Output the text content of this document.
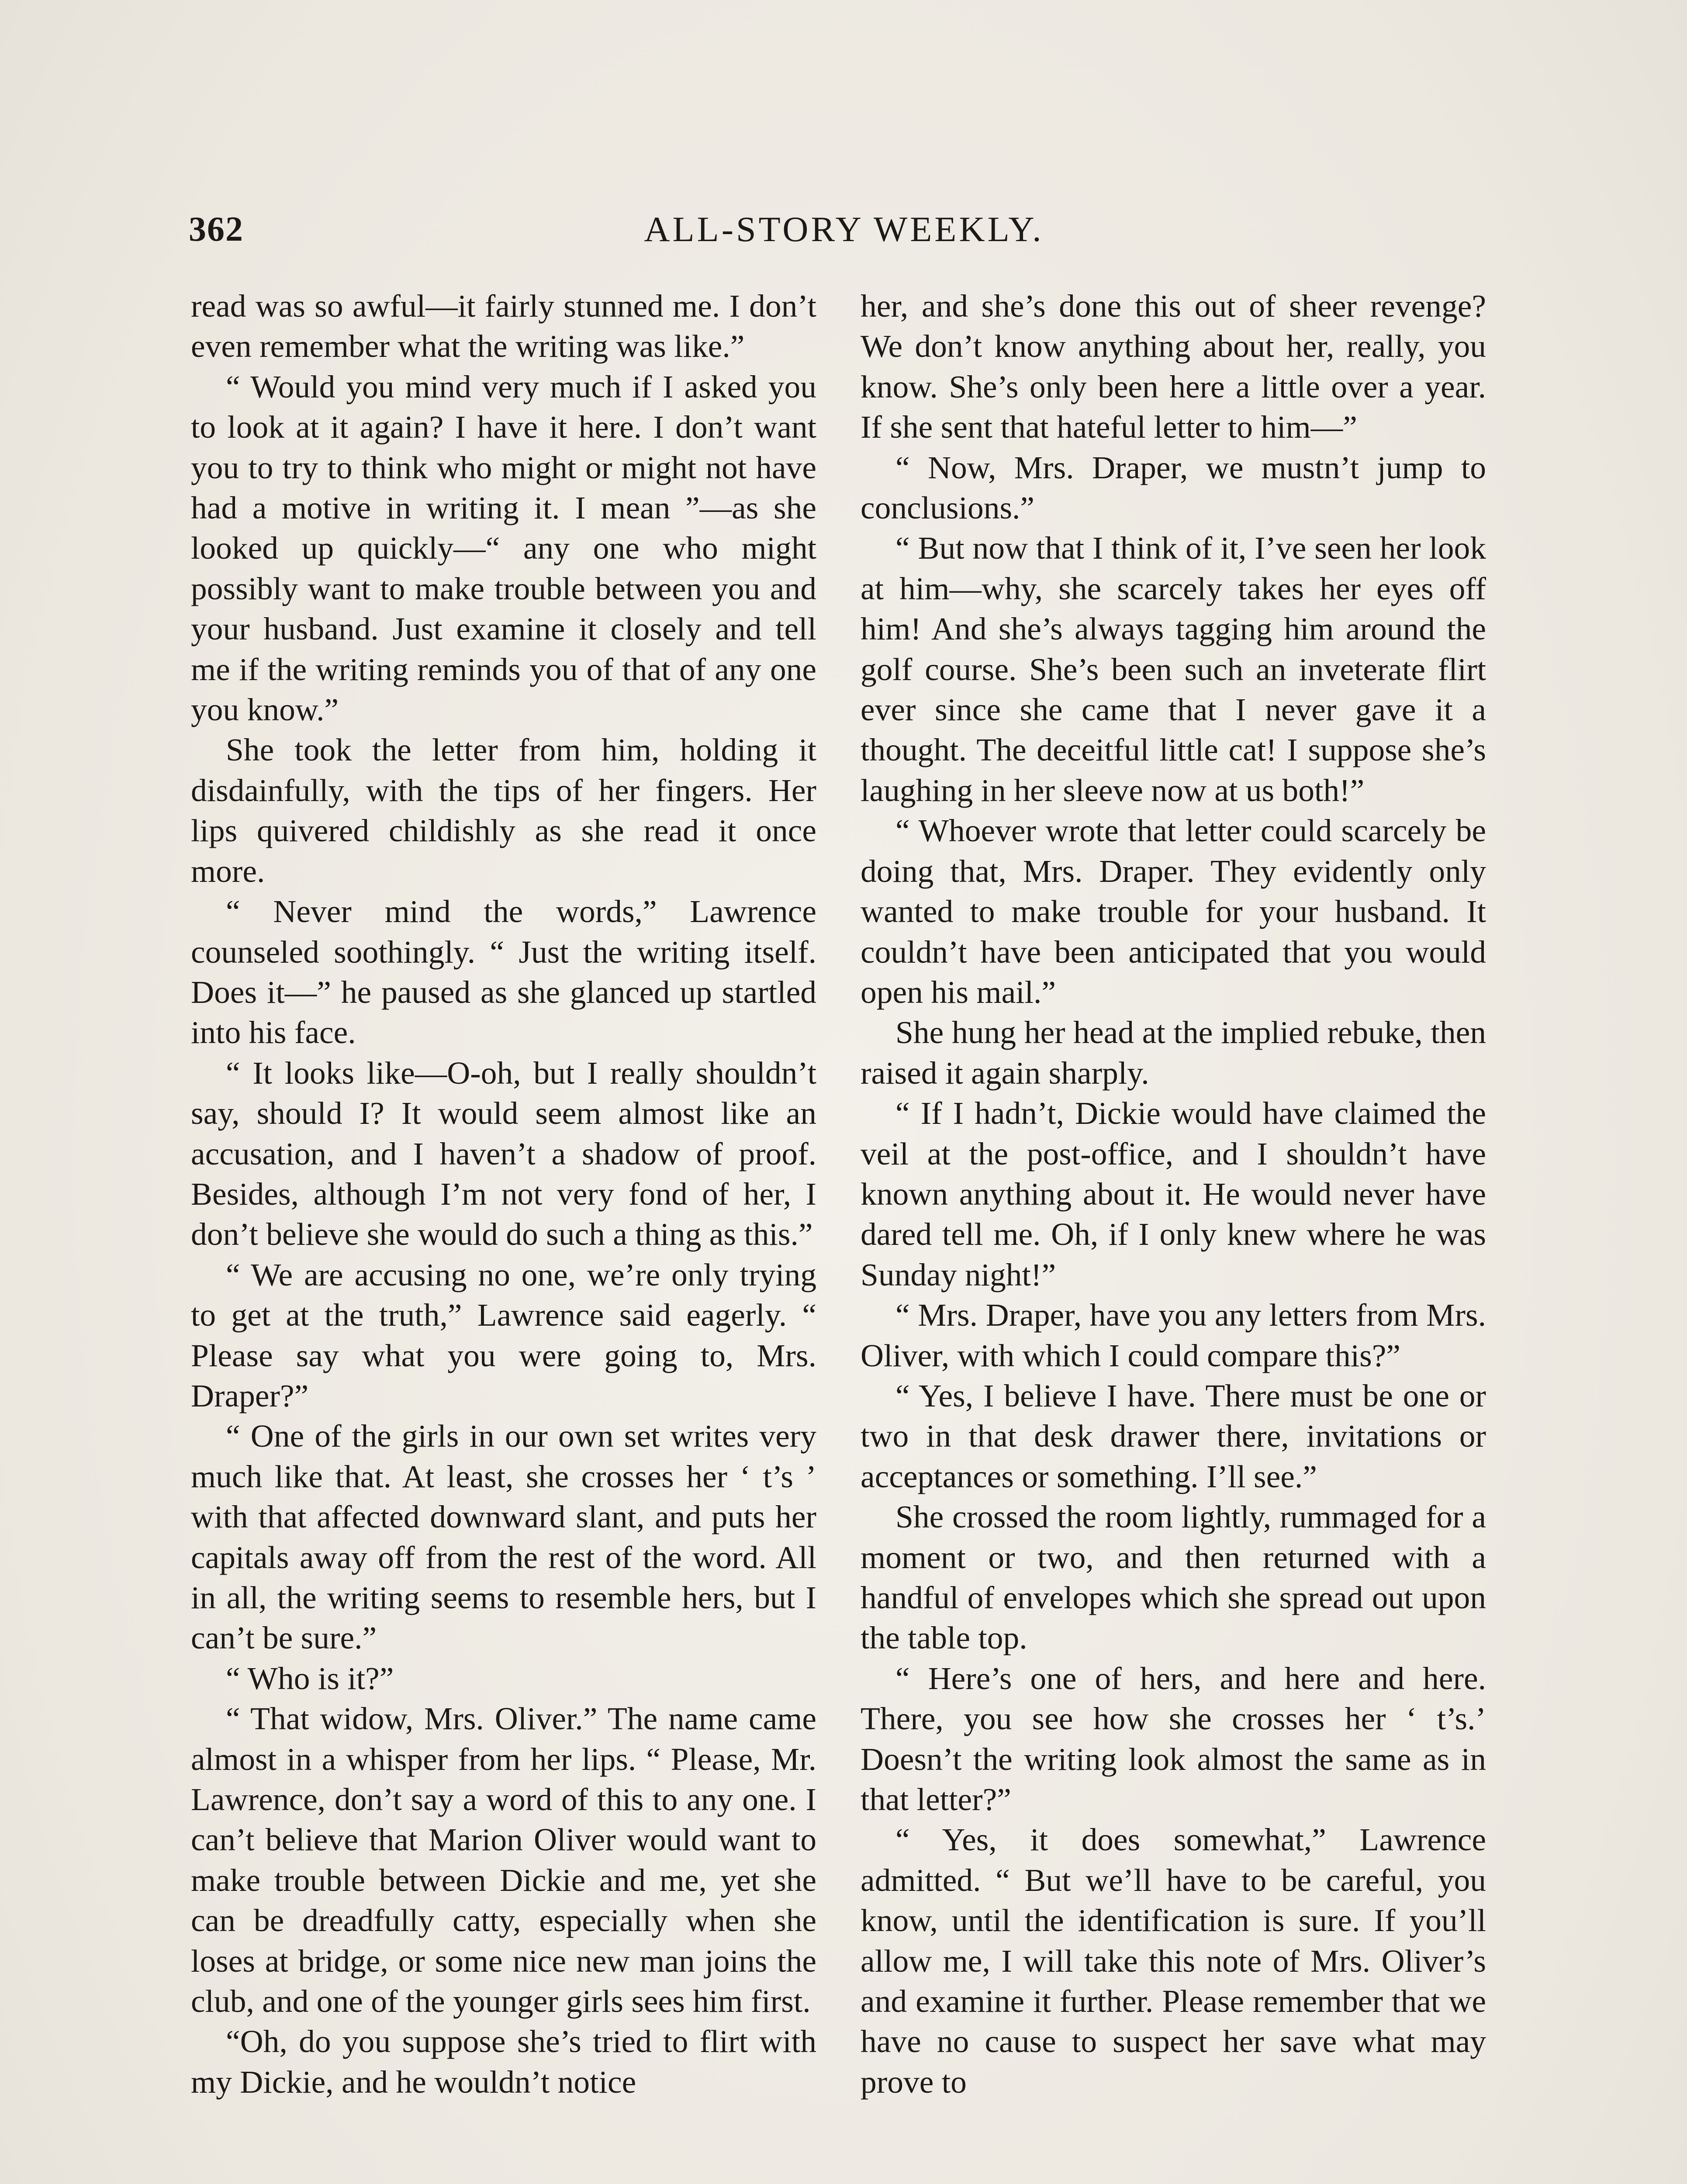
362	ALL-STORY WEEKLY.

read was so awful—it fairly stunned me. I don’t even remember what the writing was like.”

“ Would you mind very much if I asked you to look at it again? I have it here. I don’t want you to try to think who might or might not have had a motive in writing it. I mean ”—as she looked up quickly—“ any one who might possibly want to make trouble between you and your husband. Just examine it closely and tell me if the writing reminds you of that of any one you know.”

She took the letter from him, holding it disdainfully, with the tips of her fingers. Her lips quivered childishly as she read it once more.

“ Never mind the words,” Lawrence counseled soothingly. “ Just the writing itself. Does it—” he paused as she glanced up startled into his face.

“ It looks like—O-oh, but I really shouldn’t say, should I? It would seem almost like an accusation, and I haven’t a shadow of proof. Besides, although I’m not very fond of her, I don’t believe she would do such a thing as this.”

“ We are accusing no one, we’re only trying to get at the truth,” Lawrence said eagerly. “ Please say what you were going to, Mrs. Draper?”

“ One of the girls in our own set writes very much like that. At least, she crosses her ‘ t’s ’ with that affected downward slant, and puts her capitals away off from the rest of the word. All in all, the writing seems to resemble hers, but I can’t be sure.”

“ Who is it?”

“ That widow, Mrs. Oliver.” The name came almost in a whisper from her lips. “ Please, Mr. Lawrence, don’t say a word of this to any one. I can’t believe that Marion Oliver would want to make trouble between Dickie and me, yet she can be dreadfully catty, especially when she loses at bridge, or some nice new man joins the club, and one of the younger girls sees him first.

“Oh, do you suppose she’s tried to flirt with my Dickie, and he wouldn’t notice

her, and she’s done this out of sheer revenge? We don’t know anything about her, really, you know. She’s only been here a little over a year. If she sent that hateful letter to him—”

“ Now, Mrs. Draper, we mustn’t jump to conclusions.”

“ But now that I think of it, I’ve seen her look at him—why, she scarcely takes her eyes off him! And she’s always tagging him around the golf course. She’s been such an inveterate flirt ever since she came that I never gave it a thought. The deceitful little cat! I suppose she’s laughing in her sleeve now at us both!”

“ Whoever wrote that letter could scarcely be doing that, Mrs. Draper. They evidently only wanted to make trouble for your husband. It couldn’t have been anticipated that you would open his mail.”

She hung her head at the implied rebuke, then raised it again sharply.

“ If I hadn’t, Dickie would have claimed the veil at the post-office, and I shouldn’t have known anything about it. He would never have dared tell me. Oh, if I only knew where he was Sunday night!”

“ Mrs. Draper, have you any letters from Mrs. Oliver, with which I could compare this?”

“ Yes, I believe I have. There must be one or two in that desk drawer there, invitations or acceptances or something. I’ll see.”

She crossed the room lightly, rummaged for a moment or two, and then returned with a handful of envelopes which she spread out upon the table top.

“ Here’s one of hers, and here and here. There, you see how she crosses her ‘ t’s.’ Doesn’t the writing look almost the same as in that letter?”

“ Yes, it does somewhat,” Lawrence admitted. “ But we’ll have to be careful, you know, until the identification is sure. If you’ll allow me, I will take this note of Mrs. Oliver’s and examine it further. Please remember that we have no cause to suspect her save what may prove to
